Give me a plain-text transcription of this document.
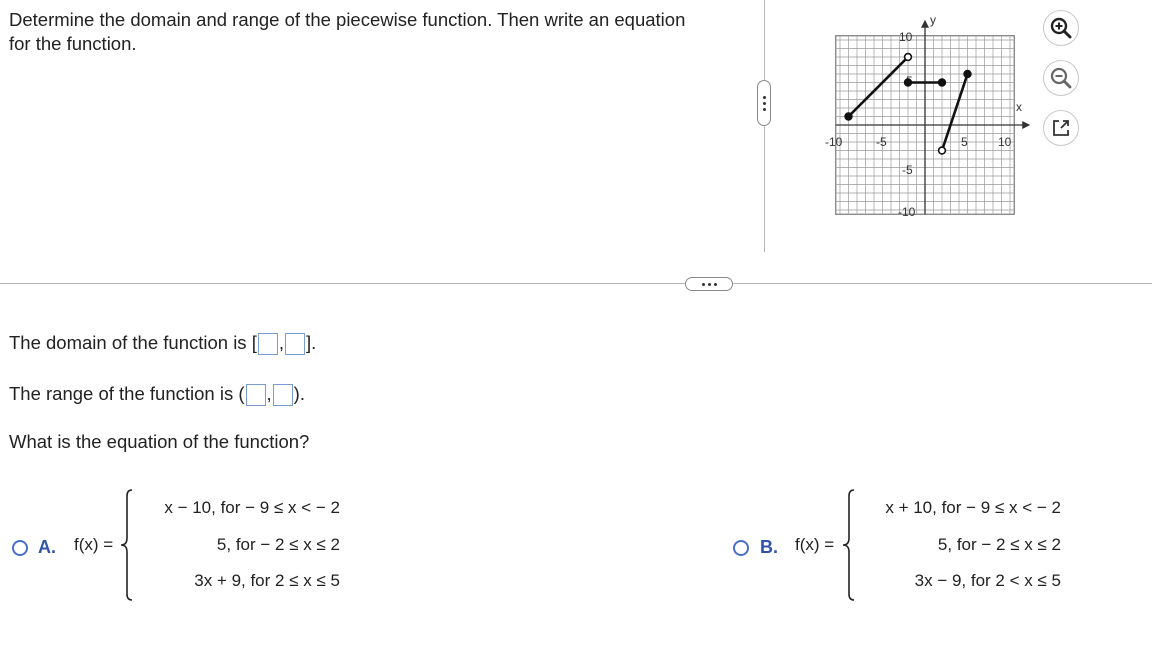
Determine the domain and range of the piecewise function. Then write an equation
for the function.
-10	-5	5	10
10
-5
-10
x
y
The domain of the function is [ , ].
The range of the function is ( , ).
What is the equation of the function?
A. f(x) =
x − 10, for − 9 ≤ x < − 2
5, for − 2 ≤ x ≤ 2
3x + 9, for 2 ≤ x ≤ 5
B. f(x) =
x + 10, for − 9 ≤ x < − 2
5, for − 2 ≤ x ≤ 2
3x − 9, for 2 < x ≤ 5
